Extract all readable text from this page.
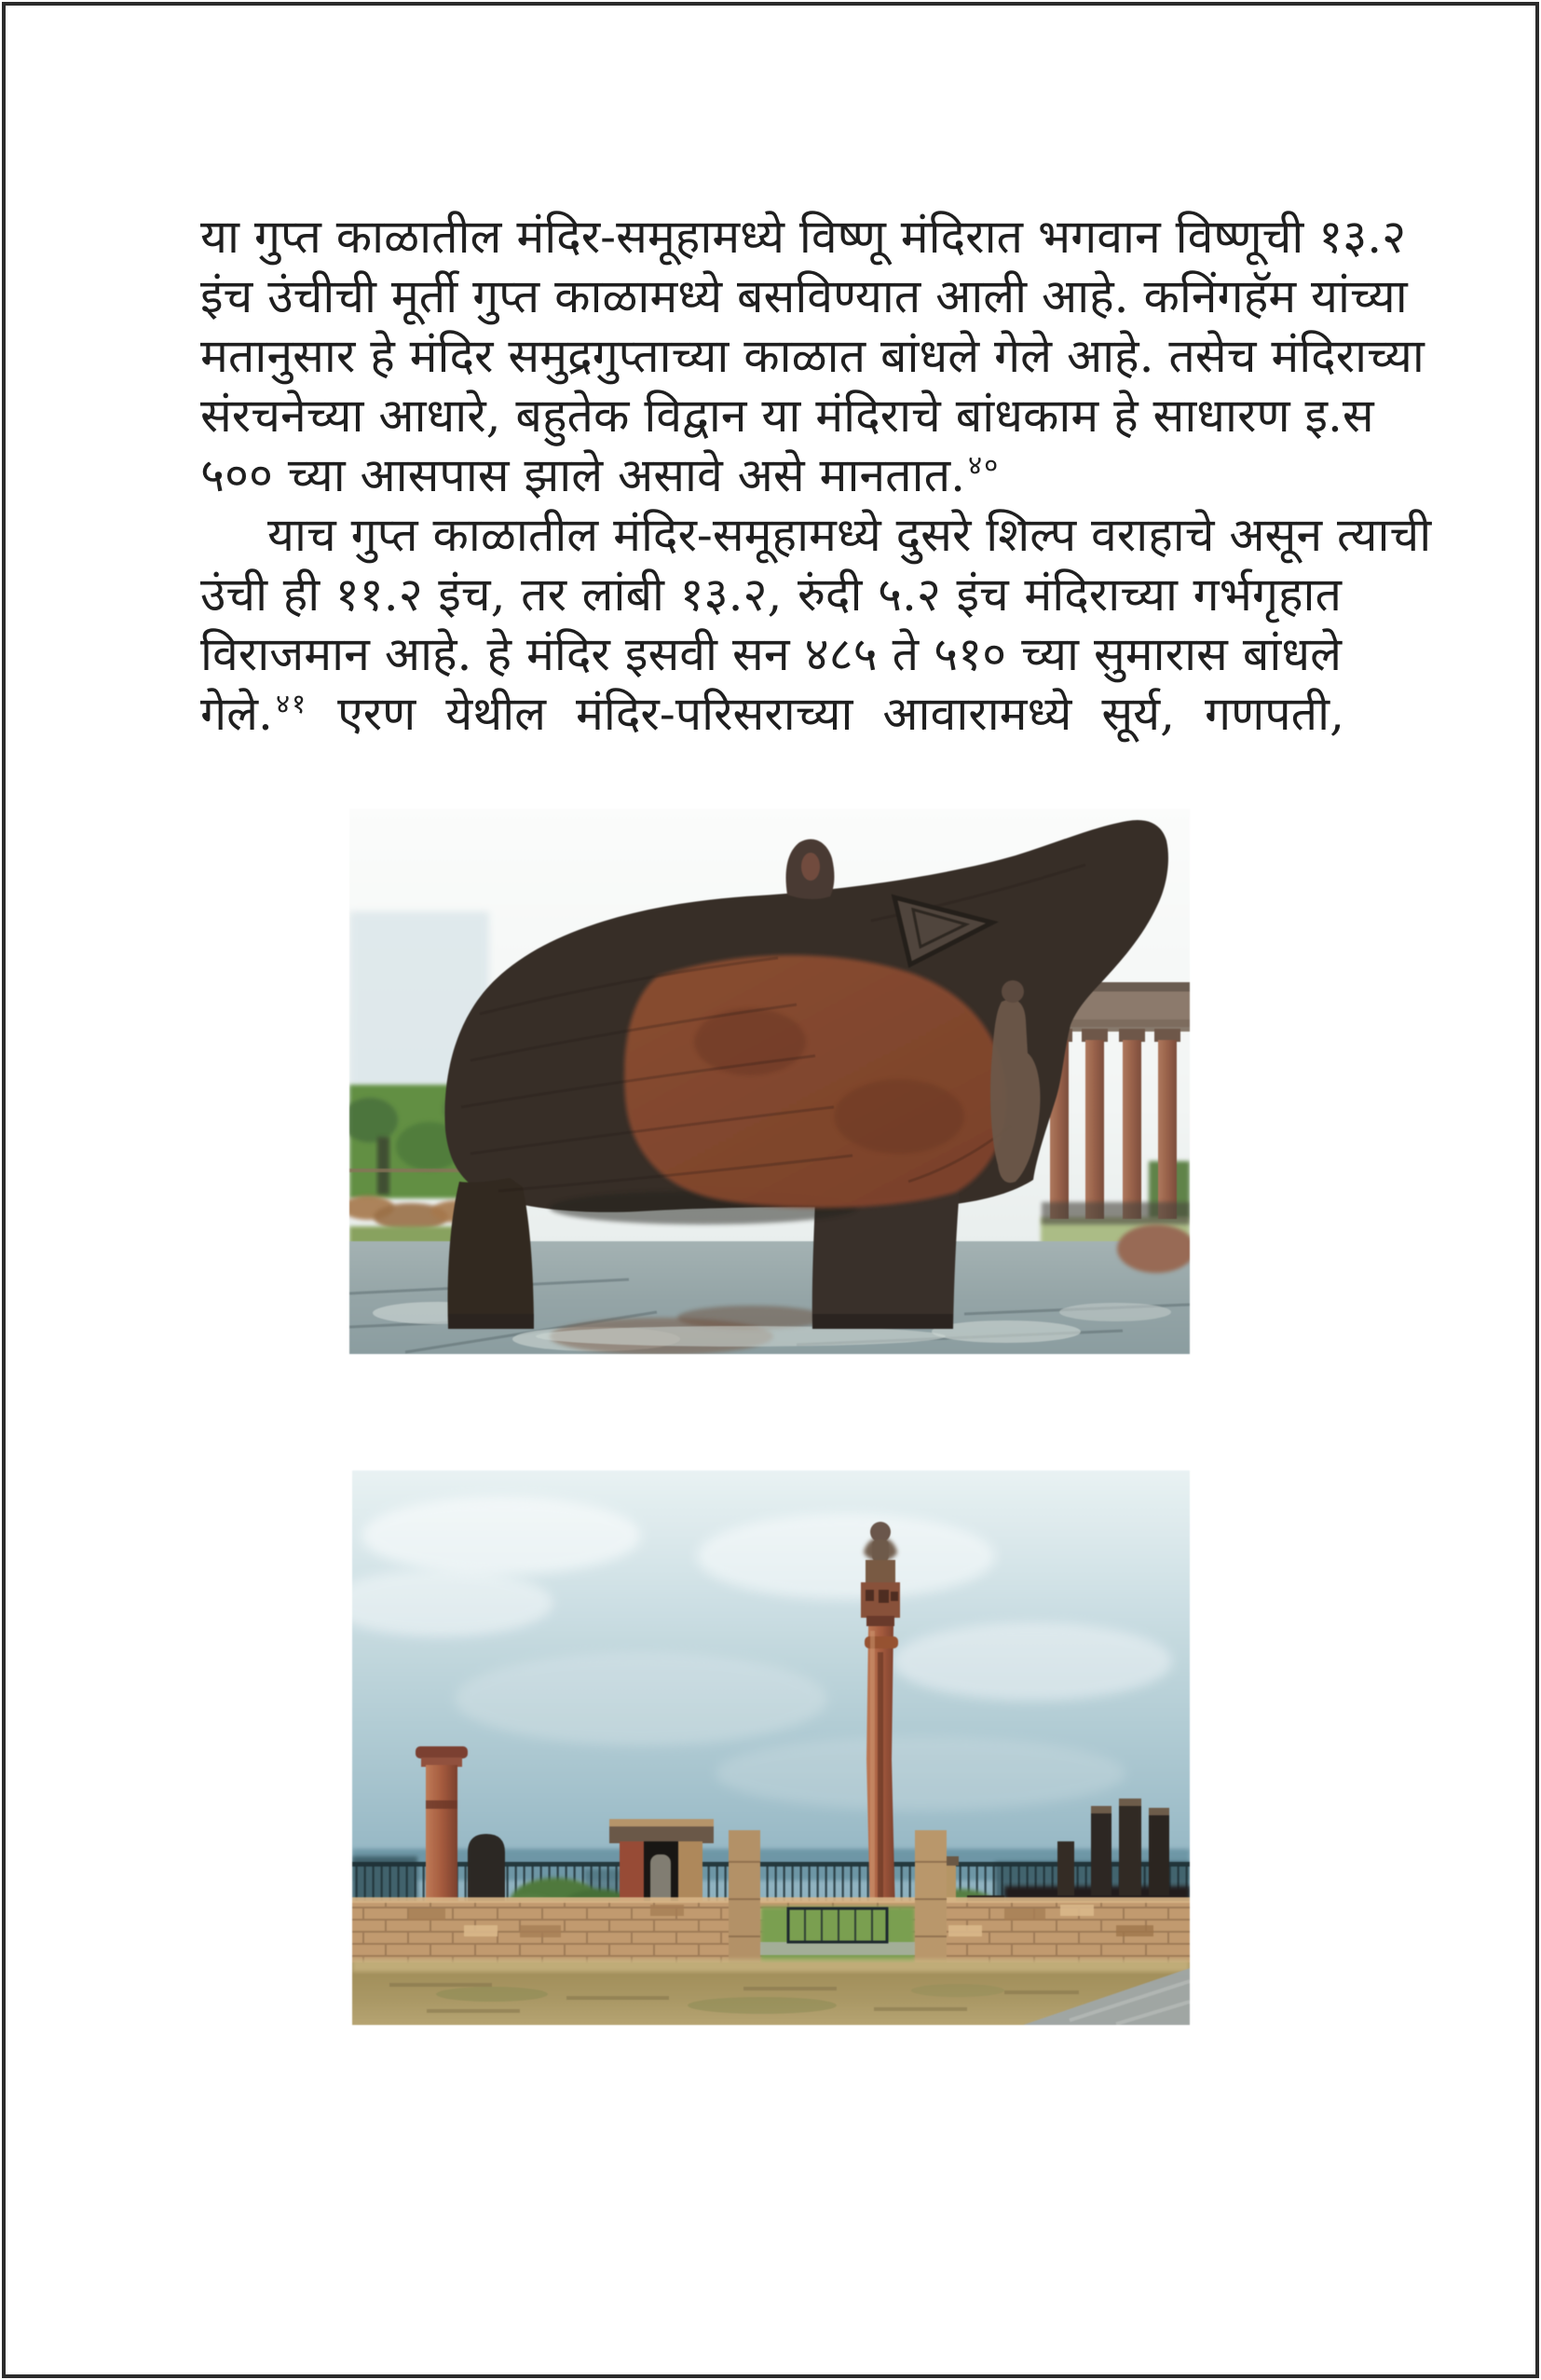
या गुप्त काळातील मंदिर-समूहामध्ये विष्णू मंदिरात भगवान विष्णूची १३.२
इंच उंचीची मूर्ती गुप्त काळामध्ये बसविण्यात आली आहे. कनिंगहॅम यांच्या
मतानुसार हे मंदिर समुद्रगुप्ताच्या काळात बांधले गेले आहे. तसेच मंदिराच्या
संरचनेच्या आधारे, बहुतेक विद्वान या मंदिराचे बांधकाम हे साधारण इ.स
५०० च्या आसपास झाले असावे असे मानतात. $^{४०}$
याच गुप्त काळातील मंदिर-समूहामध्ये दुसरे शिल्प वराहाचे असून त्याची
उंची ही ११.२ इंच, तर लांबी १३.२, रुंदी ५.२ इंच मंदिराच्या गर्भगृहात
विराजमान आहे. हे मंदिर इसवी सन ४८५ ते ५१० च्या सुमारास बांधले
गेले. $^{४१}$ एरण येथील मंदिर-परिसराच्या आवारामध्ये सूर्य, गणपती,
